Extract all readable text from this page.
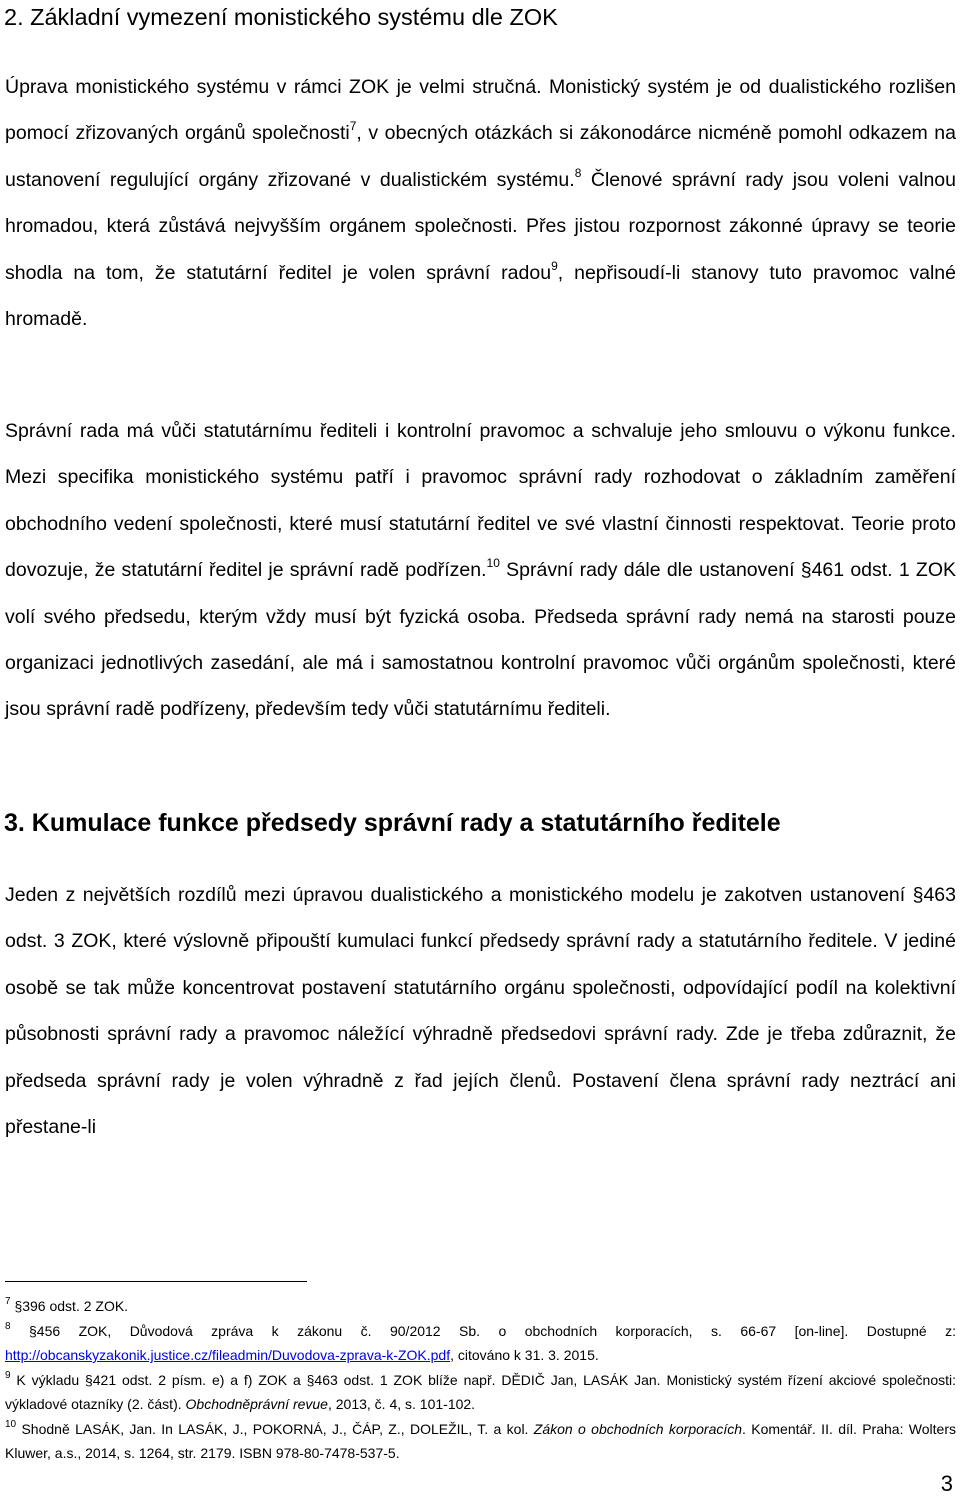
2. Základní vymezení monistického systému dle ZOK

Úprava monistického systému v rámci ZOK je velmi stručná. Monistický systém je od dualistického rozlišen pomocí zřizovaných orgánů společnosti$^7$, v obecných otázkách si zákonodárce nicméně pomohl odkazem na ustanovení regulující orgány zřizované v dualistickém systému.$^8$ Členové správní rady jsou voleni valnou hromadou, která zůstává nejvyšším orgánem společnosti. Přes jistou rozpornost zákonné úpravy se teorie shodla na tom, že statutární ředitel je volen správní radou$^9$, nepřisoudí-li stanovy tuto pravomoc valné hromadě.

Správní rada má vůči statutárnímu řediteli i kontrolní pravomoc a schvaluje jeho smlouvu o výkonu funkce. Mezi specifika monistického systému patří i pravomoc správní rady rozhodovat o základním zaměření obchodního vedení společnosti, které musí statutární ředitel ve své vlastní činnosti respektovat. Teorie proto dovozuje, že statutární ředitel je správní radě podřízen.$^{10}$ Správní rady dále dle ustanovení §461 odst. 1 ZOK volí svého předsedu, kterým vždy musí být fyzická osoba. Předseda správní rady nemá na starosti pouze organizaci jednotlivých zasedání, ale má i samostatnou kontrolní pravomoc vůči orgánům společnosti, které jsou správní radě podřízeny, především tedy vůči statutárnímu řediteli.

3. Kumulace funkce předsedy správní rady a statutárního ředitele

Jeden z největších rozdílů mezi úpravou dualistického a monistického modelu je zakotven ustanovení §463 odst. 3 ZOK, které výslovně připouští kumulaci funkcí předsedy správní rady a statutárního ředitele. V jediné osobě se tak může koncentrovat postavení statutárního orgánu společnosti, odpovídající podíl na kolektivní působnosti správní rady a pravomoc náležící výhradně předsedovi správní rady. Zde je třeba zdůraznit, že předseda správní rady je volen výhradně z řad jejích členů. Postavení člena správní rady neztrácí ani přestane-li

$^7$ §396 odst. 2 ZOK.

$^8$ §456 ZOK, Důvodová zpráva k zákonu č. 90/2012 Sb. o obchodních korporacích, s. 66-67 [on-line]. Dostupné z: http://obcanskyzakonik.justice.cz/fileadmin/Duvodova-zprava-k-ZOK.pdf, citováno k 31. 3. 2015.

$^9$ K výkladu §421 odst. 2 písm. e) a f) ZOK a §463 odst. 1 ZOK blíže např. DĚDIČ Jan, LASÁK Jan. Monistický systém řízení akciové společnosti: výkladové otazníky (2. část). Obchodněprávní revue, 2013, č. 4, s. 101-102.

$^{10}$ Shodně LASÁK, Jan. In LASÁK, J., POKORNÁ, J., ČÁP, Z., DOLEŽIL, T. a kol. Zákon o obchodních korporacích. Komentář. II. díl. Praha: Wolters Kluwer, a.s., 2014, s. 1264, str. 2179. ISBN 978-80-7478-537-5.

3
